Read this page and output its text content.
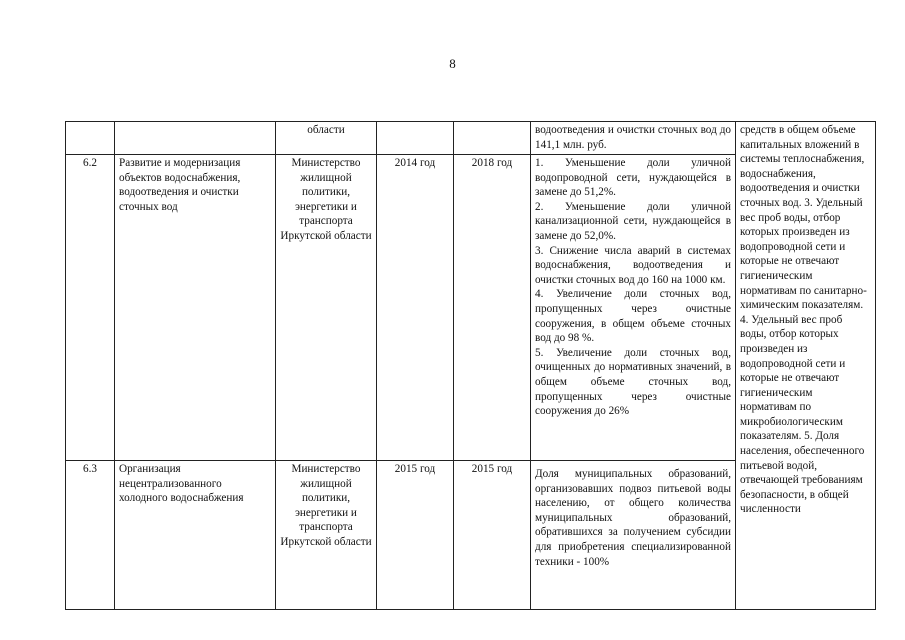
8
		области			водоотведения и очистки сточных вод до 141,1 млн. руб.	средств в общем объеме капитальных вложений в системы теплоснабжения, водоснабжения, водоотведения и очистки сточных вод. 3. Удельный вес проб воды, отбор которых произведен из водопроводной сети и которые не отвечают гигиеническим нормативам по санитарно-химическим показателям. 4. Удельный вес проб воды, отбор которых произведен из водопроводной сети и которые не отвечают гигиеническим нормативам по микробиологическим показателям. 5. Доля населения, обеспеченного питьевой водой, отвечающей требованиям безопасности, в общей численности
6.2	Развитие и модернизация объектов водоснабжения, водоотведения и очистки сточных вод	Министерство жилищной политики, энергетики и транспорта Иркутской области	2014 год	2018 год	1. Уменьшение доли уличной водопроводной сети, нуждающейся в замене до 51,2%.
2. Уменьшение доли уличной канализационной сети, нуждающейся в замене до 52,0%.
3. Снижение числа аварий в системах водоснабжения, водоотведения и очистки сточных вод до 160 на 1000 км.
4. Увеличение доли сточных вод, пропущенных через очистные сооружения, в общем объеме сточных вод до 98 %.
5. Увеличение доли сточных вод, очищенных до нормативных значений, в общем объеме сточных вод, пропущенных через очистные сооружения до 26%	

6.3	Организация нецентрализованного холодного водоснабжения	Министерство жилищной политики, энергетики и транспорта Иркутской области	2015 год	2015 год	Доля муниципальных образований, организовавших подвоз питьевой воды населению, от общего количества муниципальных образований, обратившихся за получением субсидии для приобретения специализированной техники - 100%	
